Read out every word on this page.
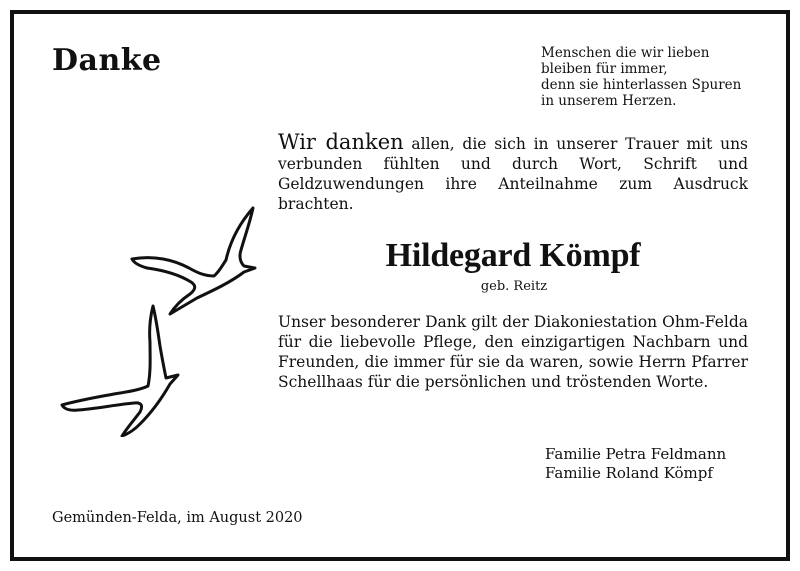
Danke	Menschen die wir lieben
bleiben für immer,
denn sie hinterlassen Spuren
in unserem Herzen.
Wir danken allen, die sich in unserer Trauer mit uns verbunden fühlten und durch Wort, Schrift und Geldzuwendungen ihre Anteilnahme zum Ausdruck brachten.
Hildegard Kömpf
geb. Reitz
Unser besonderer Dank gilt der Diakoniestation Ohm-Felda für die liebevolle Pflege, den einzigartigen Nachbarn und Freunden, die immer für sie da waren, sowie Herrn Pfarrer Schellhaas für die persönlichen und tröstenden Worte.
Familie Petra Feldmann
Familie Roland Kömpf
Gemünden-Felda, im August 2020
